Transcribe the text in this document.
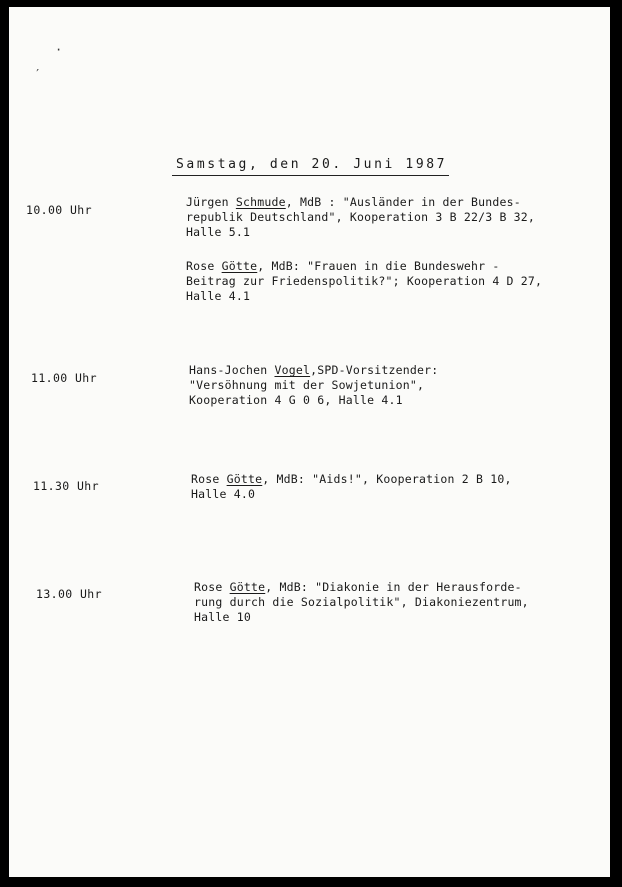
·
′
Samstag, den 20. Juni 1987
10.00 Uhr
Jürgen Schmude, MdB : "Ausländer in der Bundes-
republik Deutschland", Kooperation 3 B 22/3 B 32,
Halle 5.1
Rose Götte, MdB: "Frauen in die Bundeswehr -
Beitrag zur Friedenspolitik?"; Kooperation 4 D 27,
Halle 4.1
11.00 Uhr
Hans-Jochen Vogel,SPD-Vorsitzender:
"Versöhnung mit der Sowjetunion",
Kooperation 4 G 0 6, Halle 4.1
11.30 Uhr	Rose Götte, MdB: "Aids!", Kooperation 2 B 10,
Halle 4.0
13.00 Uhr	Rose Götte, MdB: "Diakonie in der Herausforde-
rung durch die Sozialpolitik", Diakoniezentrum,
Halle 10
